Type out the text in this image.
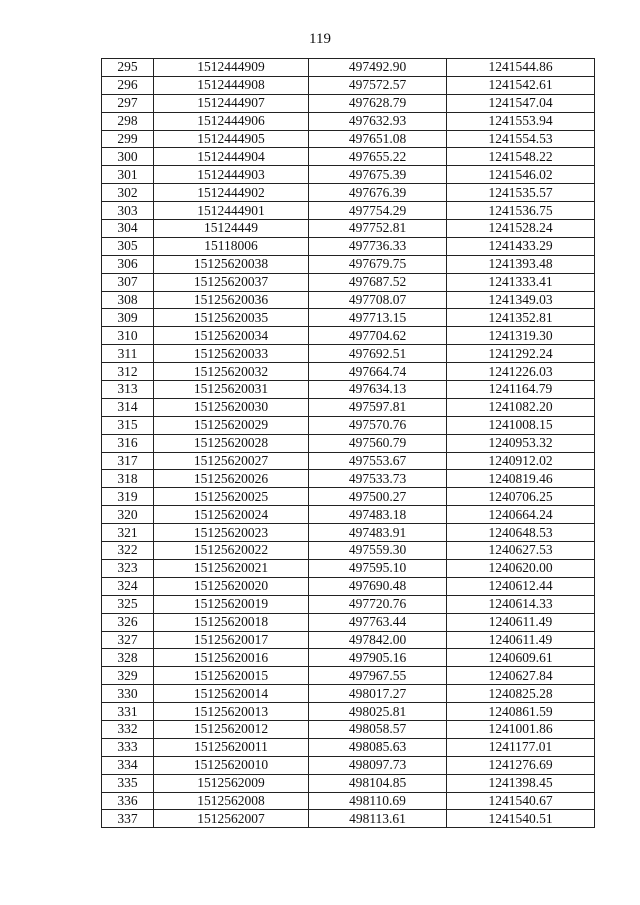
119
295	1512444909	497492.90	1241544.86
296	1512444908	497572.57	1241542.61
297	1512444907	497628.79	1241547.04
298	1512444906	497632.93	1241553.94
299	1512444905	497651.08	1241554.53
300	1512444904	497655.22	1241548.22
301	1512444903	497675.39	1241546.02
302	1512444902	497676.39	1241535.57
303	1512444901	497754.29	1241536.75
304	15124449	497752.81	1241528.24
305	15118006	497736.33	1241433.29
306	15125620038	497679.75	1241393.48
307	15125620037	497687.52	1241333.41
308	15125620036	497708.07	1241349.03
309	15125620035	497713.15	1241352.81
310	15125620034	497704.62	1241319.30
311	15125620033	497692.51	1241292.24
312	15125620032	497664.74	1241226.03
313	15125620031	497634.13	1241164.79
314	15125620030	497597.81	1241082.20
315	15125620029	497570.76	1241008.15
316	15125620028	497560.79	1240953.32
317	15125620027	497553.67	1240912.02
318	15125620026	497533.73	1240819.46
319	15125620025	497500.27	1240706.25
320	15125620024	497483.18	1240664.24
321	15125620023	497483.91	1240648.53
322	15125620022	497559.30	1240627.53
323	15125620021	497595.10	1240620.00
324	15125620020	497690.48	1240612.44
325	15125620019	497720.76	1240614.33
326	15125620018	497763.44	1240611.49
327	15125620017	497842.00	1240611.49
328	15125620016	497905.16	1240609.61
329	15125620015	497967.55	1240627.84
330	15125620014	498017.27	1240825.28
331	15125620013	498025.81	1240861.59
332	15125620012	498058.57	1241001.86
333	15125620011	498085.63	1241177.01
334	15125620010	498097.73	1241276.69
335	1512562009	498104.85	1241398.45
336	1512562008	498110.69	1241540.67
337	1512562007	498113.61	1241540.51
